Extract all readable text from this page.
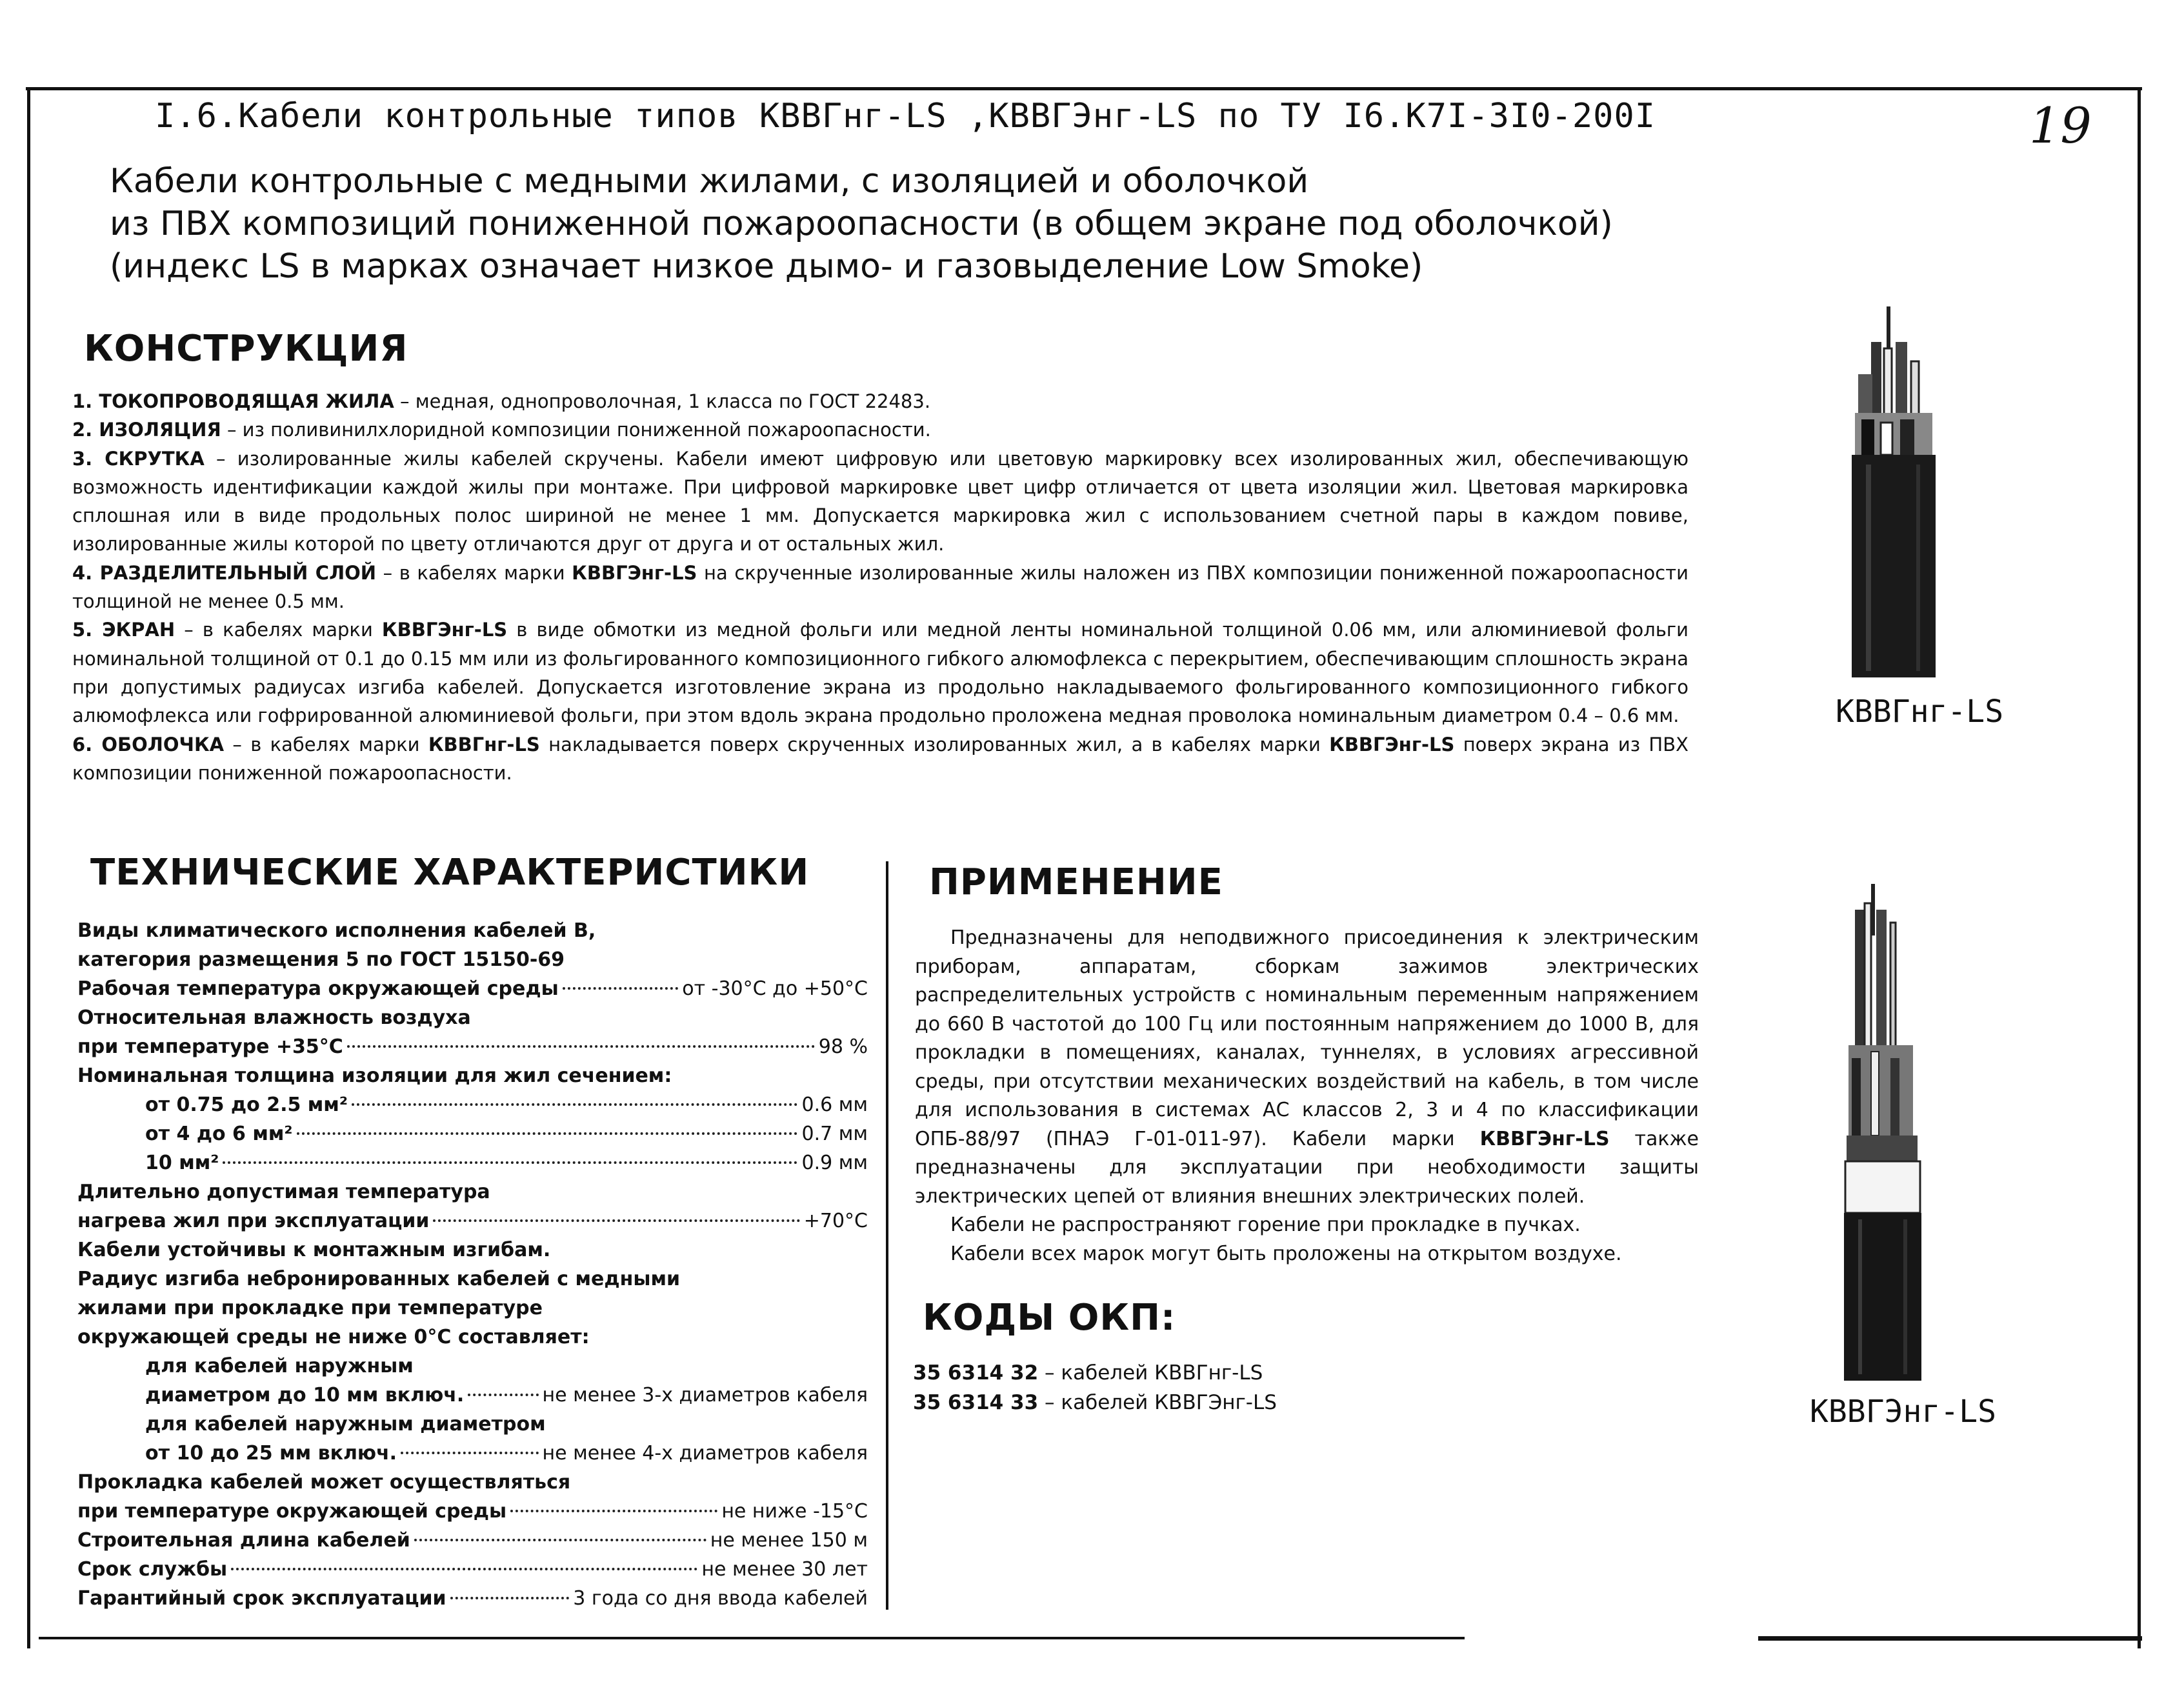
I.6.Кабели контрольные типов КВВГнг-LS ,КВВГЭнг-LS по ТУ I6.К7I-3I0-200I	19
Кабели контрольные с медными жилами, с изоляцией и оболочкой
из ПВХ композиций пониженной пожароопасности (в общем экране под оболочкой)
(индекс LS в марках означает низкое дымо- и газовыделение Low Smoke)
КОНСТРУКЦИЯ

1. ТОКОПРОВОДЯЩАЯ ЖИЛА – медная, однопроволочная, 1 класса по ГОСТ 22483.

2. ИЗОЛЯЦИЯ – из поливинилхлоридной композиции пониженной пожароопасности.

3. СКРУТКА – изолированные жилы кабелей скручены. Кабели имеют цифровую или цветовую маркировку всех изолированных жил, обеспечивающую возможность идентификации каждой жилы при монтаже. При цифровой маркировке цвет цифр отличается от цвета изоляции жил. Цветовая маркировка сплошная или в виде продольных полос шириной не менее 1 мм. Допускается маркировка жил с использованием счетной пары в каждом повиве, изолированные жилы которой по цвету отличаются друг от друга и от остальных жил.

4. РАЗДЕЛИТЕЛЬНЫЙ СЛОЙ – в кабелях марки КВВГЭнг-LS на скрученные изолированные жилы наложен из ПВХ композиции пониженной пожароопасности толщиной не менее 0.5 мм.

5. ЭКРАН – в кабелях марки КВВГЭнг-LS в виде обмотки из медной фольги или медной ленты номинальной толщиной 0.06 мм, или алюминиевой фольги номинальной толщиной от 0.1 до 0.15 мм или из фольгированного композиционного гибкого алюмофлекса с перекрытием, обеспечивающим сплошность экрана при допустимых радиусах изгиба кабелей. Допускается изготовление экрана из продольно накладываемого фольгированного композиционного гибкого алюмофлекса или гофрированной алюминиевой фольги, при этом вдоль экрана продольно проложена медная проволока номинальным диаметром 0.4 – 0.6 мм.

6. ОБОЛОЧКА – в кабелях марки КВВГнг-LS накладывается поверх скрученных изолированных жил, а в кабелях марки КВВГЭнг-LS поверх экрана из ПВХ композиции пониженной пожароопасности.

КВВГнг-LS
КВВГЭнг-LS
ТЕХНИЧЕСКИЕ ХАРАКТЕРИСТИКИ
Виды климатического исполнения кабелей В,
категория размещения 5 по ГОСТ 15150-69
Рабочая температура окружающей среды	от -30°С до +50°С
Относительная влажность воздуха
при температуре +35°С	98 %
Номинальная толщина изоляции для жил сечением:
от 0.75 до 2.5 мм²	0.6 мм
от 4 до 6 мм²	0.7 мм
10 мм²	0.9 мм
Длительно допустимая температура
нагрева жил при эксплуатации	+70°С
Кабели устойчивы к монтажным изгибам.
Радиус изгиба небронированных кабелей с медными
жилами при прокладке при температуре
окружающей среды не ниже 0°С составляет:
для кабелей наружным
диаметром до 10 мм включ.	не менее 3-х диаметров кабеля
для кабелей наружным диаметром
от 10 до 25 мм включ.	не менее 4-х диаметров кабеля
Прокладка кабелей может осуществляться
при температуре окружающей среды	не ниже -15°С
Строительная длина кабелей	не менее 150 м
Срок службы	не менее 30 лет
Гарантийный срок эксплуатации	3 года со дня ввода кабелей
ПРИМЕНЕНИЕ

Предназначены для неподвижного присоединения к электрическим приборам, аппаратам, сборкам зажимов электрических распределительных устройств с номинальным переменным напряжением до 660 В частотой до 100 Гц или постоянным напряжением до 1000 В, для прокладки в помещениях, каналах, туннелях, в условиях агрессивной среды, при отсутствии механических воздействий на кабель, в том числе для использования в системах АС классов 2, 3 и 4 по классификации ОПБ-88/97 (ПНАЭ Г-01-011-97). Кабели марки КВВГЭнг-LS также предназначены для эксплуатации при необходимости защиты электрических цепей от влияния внешних электрических полей.

Кабели не распространяют горение при прокладке в пучках.

Кабели всех марок могут быть проложены на открытом воздухе.

КОДЫ ОКП:
35 6314 32 – кабелей КВВГнг-LS
35 6314 33 – кабелей КВВГЭнг-LS
